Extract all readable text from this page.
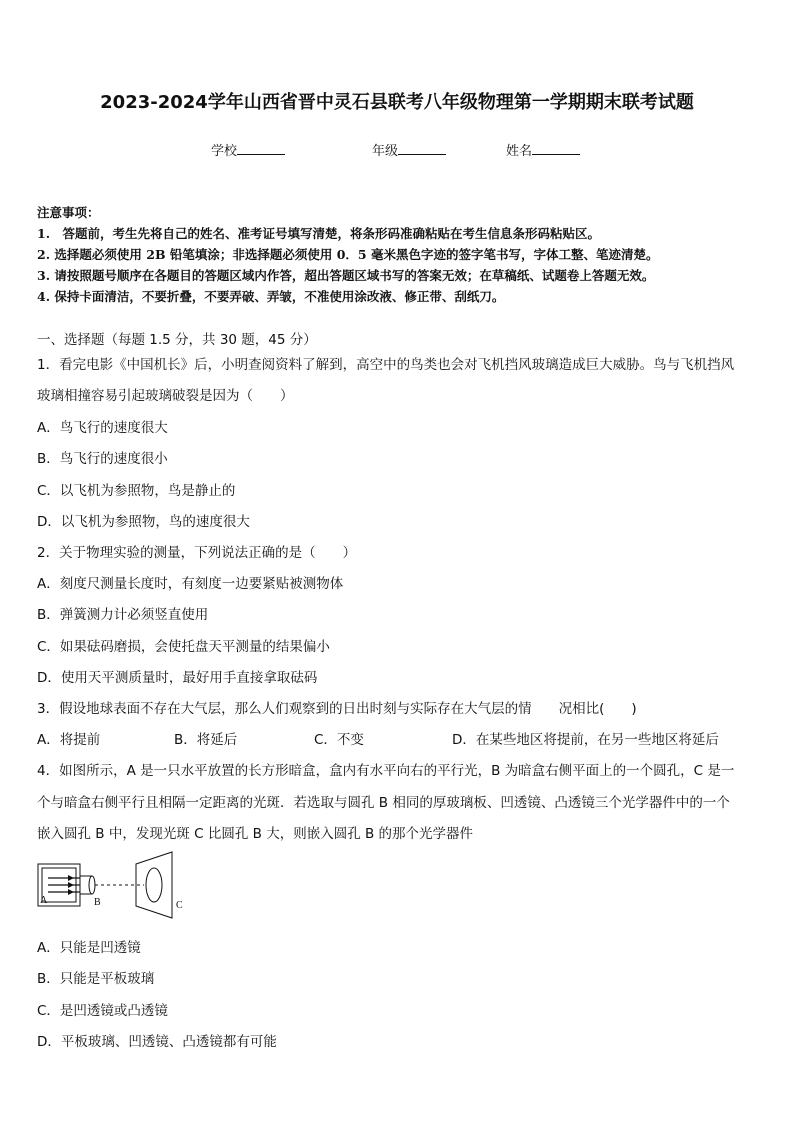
2023-2024学年山西省晋中灵石县联考八年级物理第一学期期末联考试题
学校	年级	姓名
注意事项：
1.　答题前，考生先将自己的姓名、准考证号填写清楚，将条形码准确粘贴在考生信息条形码粘贴区。
2. 选择题必须使用 2B 铅笔填涂；非选择题必须使用 0．5 毫米黑色字迹的签字笔书写，字体工整、笔迹清楚。
3. 请按照题号顺序在各题目的答题区域内作答，超出答题区域书写的答案无效；在草稿纸、试题卷上答题无效。
4. 保持卡面清洁，不要折叠，不要弄破、弄皱，不准使用涂改液、修正带、刮纸刀。
一、选择题（每题 1.5 分，共 30 题，45 分）
1．看完电影《中国机长》后，小明查阅资料了解到，高空中的鸟类也会对飞机挡风玻璃造成巨大威胁。鸟与飞机挡风
玻璃相撞容易引起玻璃破裂是因为（　　）
A．鸟飞行的速度很大
B．鸟飞行的速度很小
C．以飞机为参照物，鸟是静止的
D．以飞机为参照物，鸟的速度很大
2．关于物理实验的测量，下列说法正确的是（　　）
A．刻度尺测量长度时，有刻度一边要紧贴被测物体
B．弹簧测力计必须竖直使用
C．如果砝码磨损，会使托盘天平测量的结果偏小
D．使用天平测质量时，最好用手直接拿取砝码
3．假设地球表面不存在大气层，那么人们观察到的日出时刻与实际存在大气层的情　　况相比(　　)
A．将提前	B．将延后	C．不变	D．在某些地区将提前，在另一些地区将延后
4．如图所示，A 是一只水平放置的长方形暗盒，盒内有水平向右的平行光，B 为暗盒右侧平面上的一个圆孔，C 是一
个与暗盒右侧平行且相隔一定距离的光斑．若选取与圆孔 B 相同的厚玻璃板、凹透镜、凸透镜三个光学器件中的一个
嵌入圆孔 B 中，发现光斑 C 比圆孔 B 大，则嵌入圆孔 B 的那个光学器件
A	B	C
A．只能是凹透镜
B．只能是平板玻璃
C．是凹透镜或凸透镜
D．平板玻璃、凹透镜、凸透镜都有可能
